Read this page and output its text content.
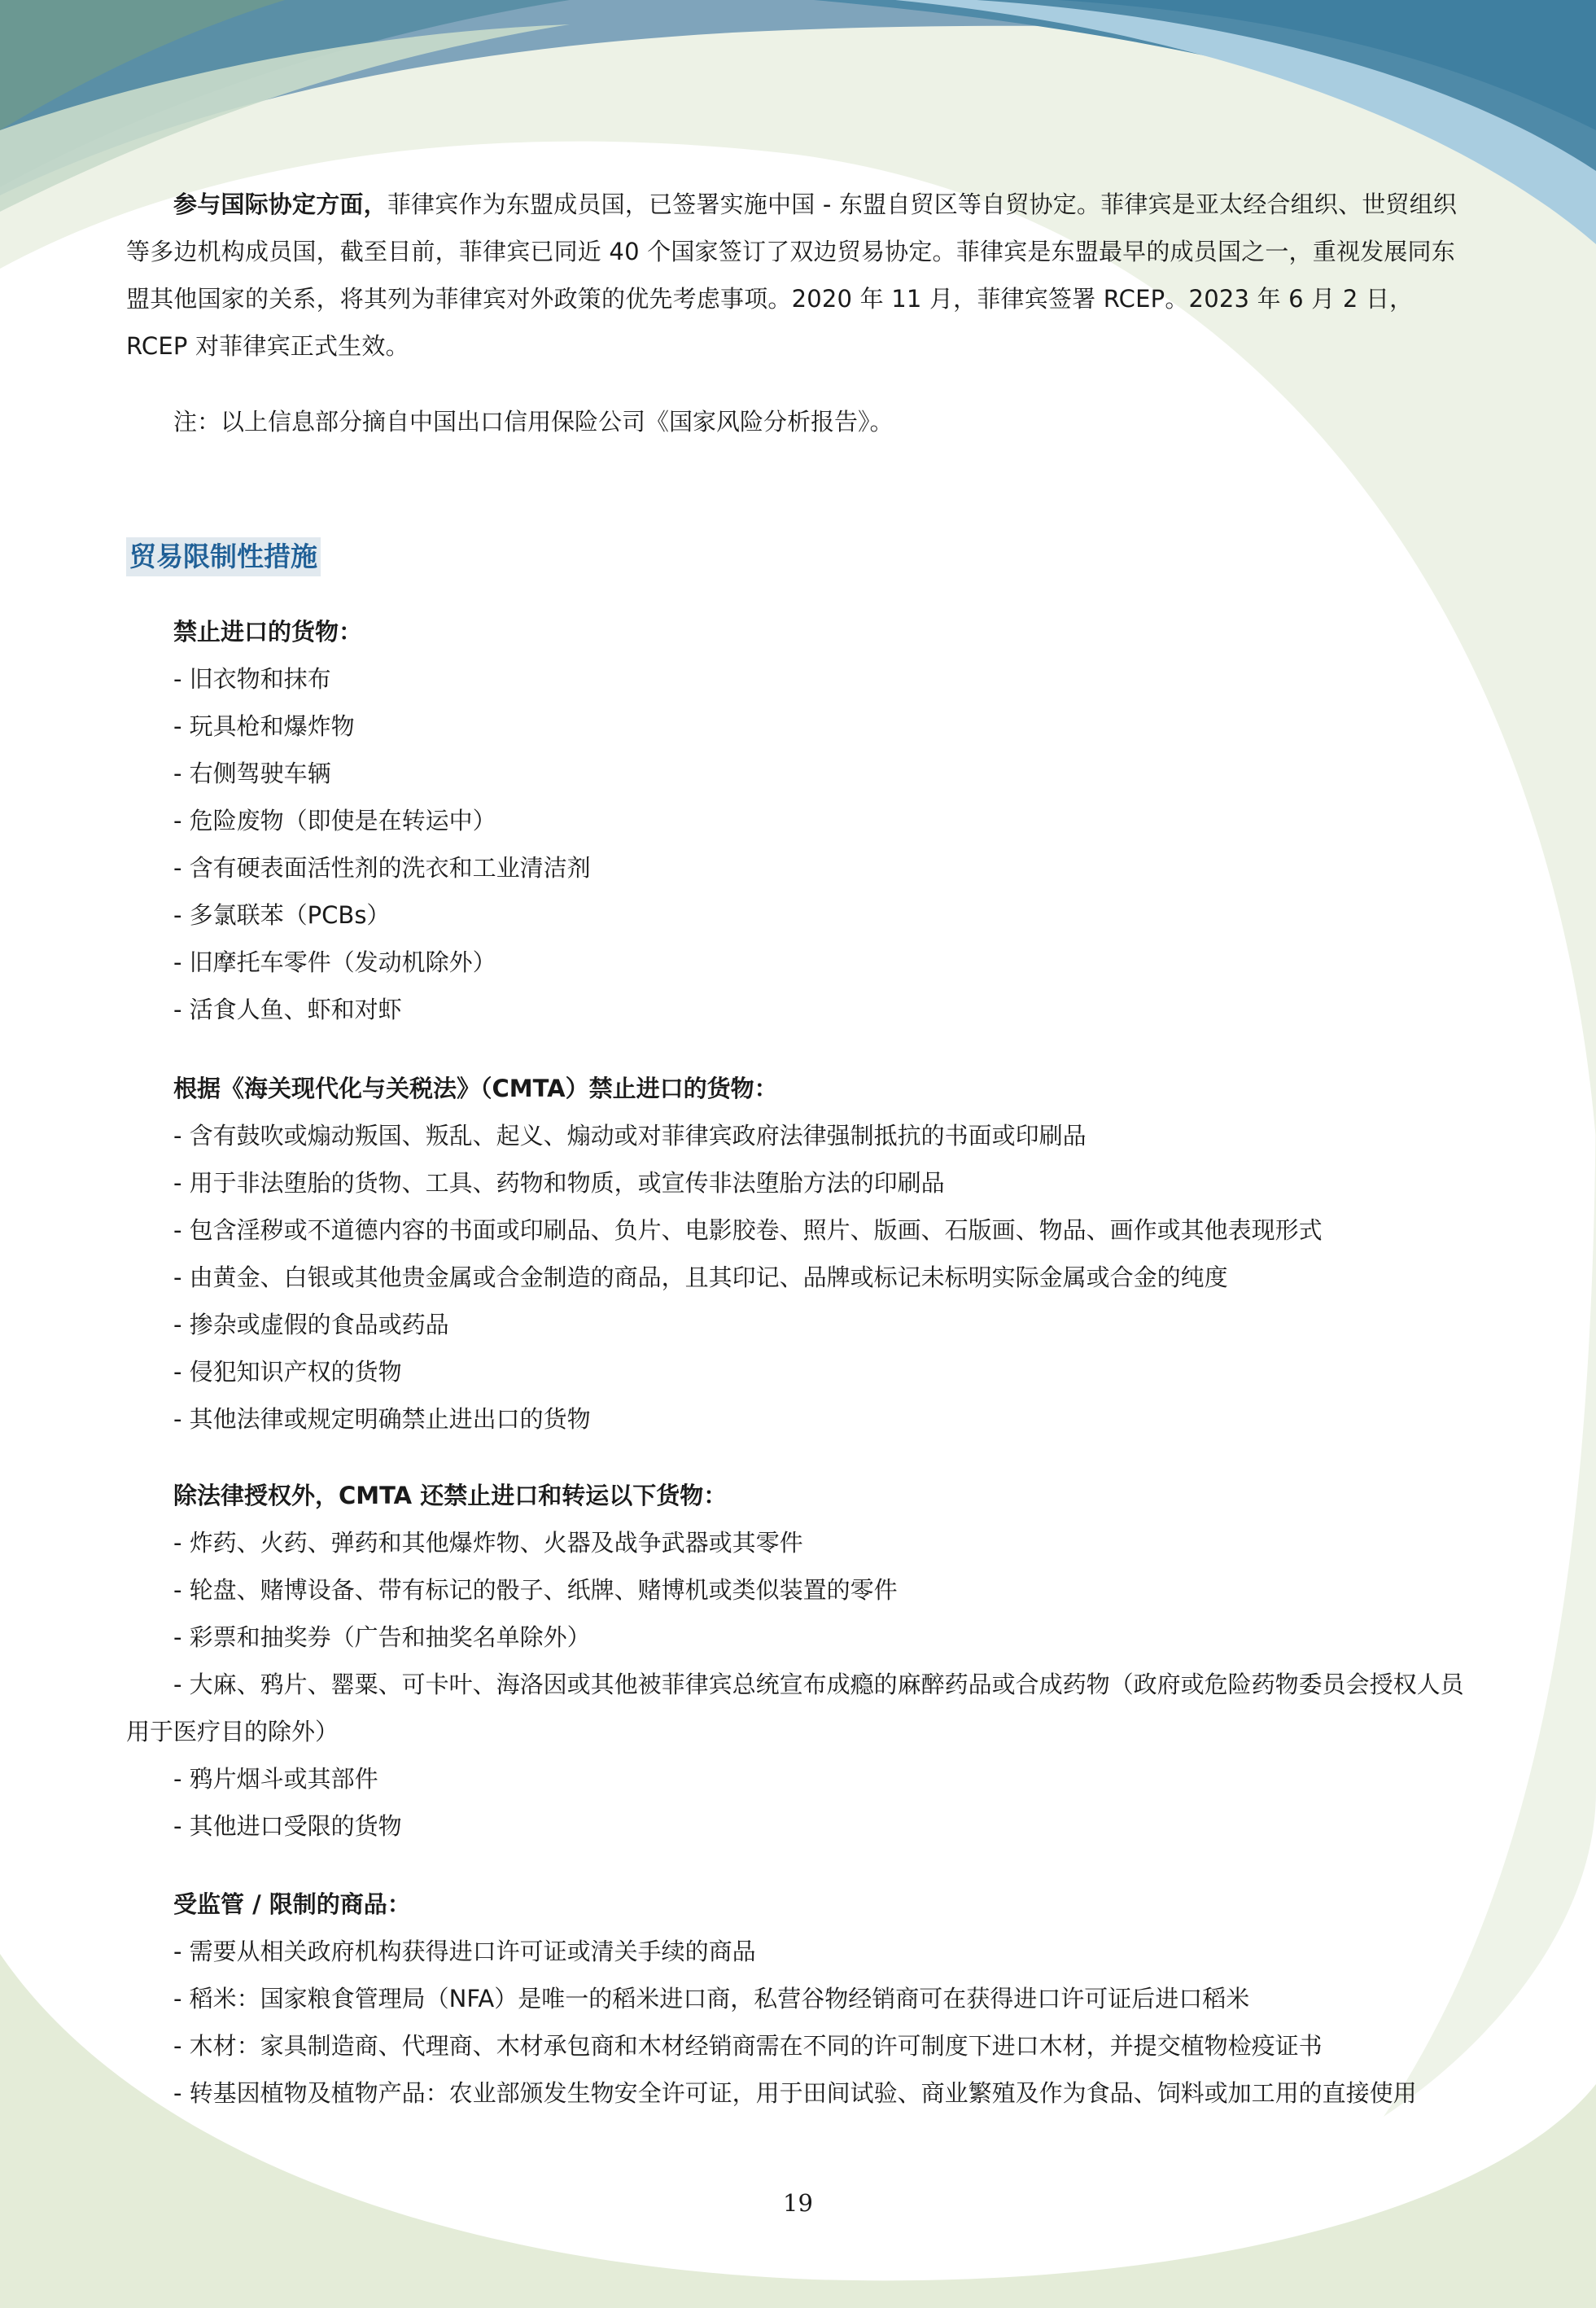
参与国际协定方面，菲律宾作为东盟成员国，已签署实施中国 - 东盟自贸区等自贸协定。菲律宾是亚太经合组织、世贸组织等多边机构成员国，截至目前，菲律宾已同近 40 个国家签订了双边贸易协定。菲律宾是东盟最早的成员国之一，重视发展同东盟其他国家的关系，将其列为菲律宾对外政策的优先考虑事项。2020 年 11 月，菲律宾签署 RCEP。2023 年 6 月 2 日，RCEP 对菲律宾正式生效。

注：以上信息部分摘自中国出口信用保险公司《国家风险分析报告》。

贸易限制性措施

禁止进口的货物：

- 旧衣物和抹布

- 玩具枪和爆炸物

- 右侧驾驶车辆

- 危险废物（即使是在转运中）

- 含有硬表面活性剂的洗衣和工业清洁剂

- 多氯联苯（PCBs）

- 旧摩托车零件（发动机除外）

- 活食人鱼、虾和对虾

根据《海关现代化与关税法》（CMTA）禁止进口的货物：

- 含有鼓吹或煽动叛国、叛乱、起义、煽动或对菲律宾政府法律强制抵抗的书面或印刷品

- 用于非法堕胎的货物、工具、药物和物质，或宣传非法堕胎方法的印刷品

- 包含淫秽或不道德内容的书面或印刷品、负片、电影胶卷、照片、版画、石版画、物品、画作或其他表现形式

- 由黄金、白银或其他贵金属或合金制造的商品，且其印记、品牌或标记未标明实际金属或合金的纯度

- 掺杂或虚假的食品或药品

- 侵犯知识产权的货物

- 其他法律或规定明确禁止进出口的货物

除法律授权外，CMTA 还禁止进口和转运以下货物：

- 炸药、火药、弹药和其他爆炸物、火器及战争武器或其零件

- 轮盘、赌博设备、带有标记的骰子、纸牌、赌博机或类似装置的零件

- 彩票和抽奖券（广告和抽奖名单除外）

- 大麻、鸦片、罂粟、可卡叶、海洛因或其他被菲律宾总统宣布成瘾的麻醉药品或合成药物（政府或危险药物委员会授权人员用于医疗目的除外）

- 鸦片烟斗或其部件

- 其他进口受限的货物

受监管 / 限制的商品：

- 需要从相关政府机构获得进口许可证或清关手续的商品

- 稻米：国家粮食管理局（NFA）是唯一的稻米进口商，私营谷物经销商可在获得进口许可证后进口稻米

- 木材：家具制造商、代理商、木材承包商和木材经销商需在不同的许可制度下进口木材，并提交植物检疫证书

- 转基因植物及植物产品：农业部颁发生物安全许可证，用于田间试验、商业繁殖及作为食品、饲料或加工用的直接使用

19
